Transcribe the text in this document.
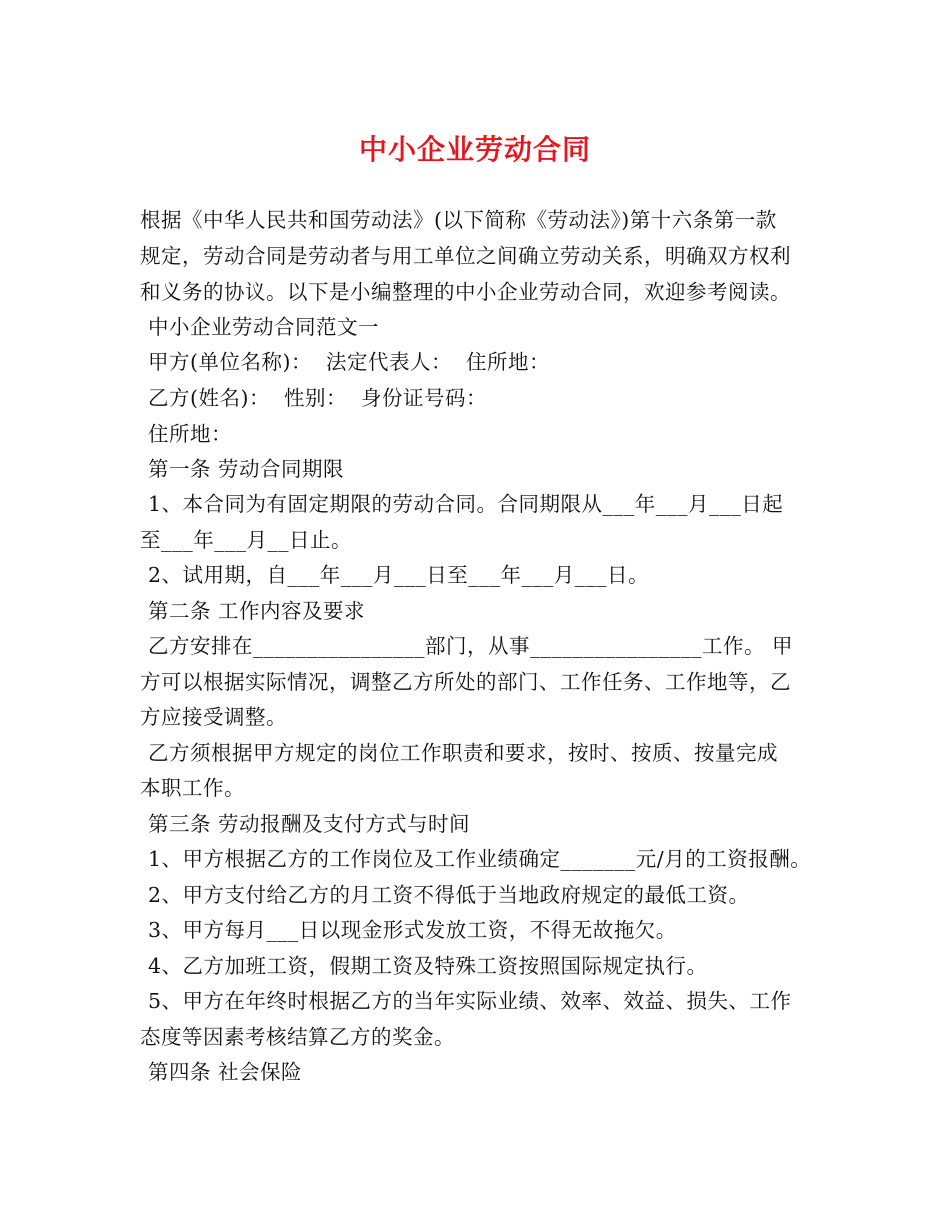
中小企业劳动合同
根据《中华人民共和国劳动法》(以下简称《劳动法》)第十六条第一款
规定，劳动合同是劳动者与用工单位之间确立劳动关系，明确双方权利
和义务的协议。以下是小编整理的中小企业劳动合同，欢迎参考阅读。
中小企业劳动合同范文一
甲方(单位名称)：  法定代表人：  住所地：
乙方(姓名)：  性别：  身份证号码：
住所地：
第一条 劳动合同期限
1、本合同为有固定期限的劳动合同。合同期限从___年___月___日起
至___年___月__日止。
2、试用期，自___年___月___日至___年___月___日。
第二条 工作内容及要求
乙方安排在________________部门，从事________________工作。 甲
方可以根据实际情况，调整乙方所处的部门、工作任务、工作地等，乙
方应接受调整。
乙方须根据甲方规定的岗位工作职责和要求，按时、按质、按量完成
本职工作。
第三条 劳动报酬及支付方式与时间
1、甲方根据乙方的工作岗位及工作业绩确定_______元/月的工资报酬。
2、甲方支付给乙方的月工资不得低于当地政府规定的最低工资。
3、甲方每月___日以现金形式发放工资，不得无故拖欠。
4、乙方加班工资，假期工资及特殊工资按照国际规定执行。
5、甲方在年终时根据乙方的当年实际业绩、效率、效益、损失、工作
态度等因素考核结算乙方的奖金。
第四条 社会保险
